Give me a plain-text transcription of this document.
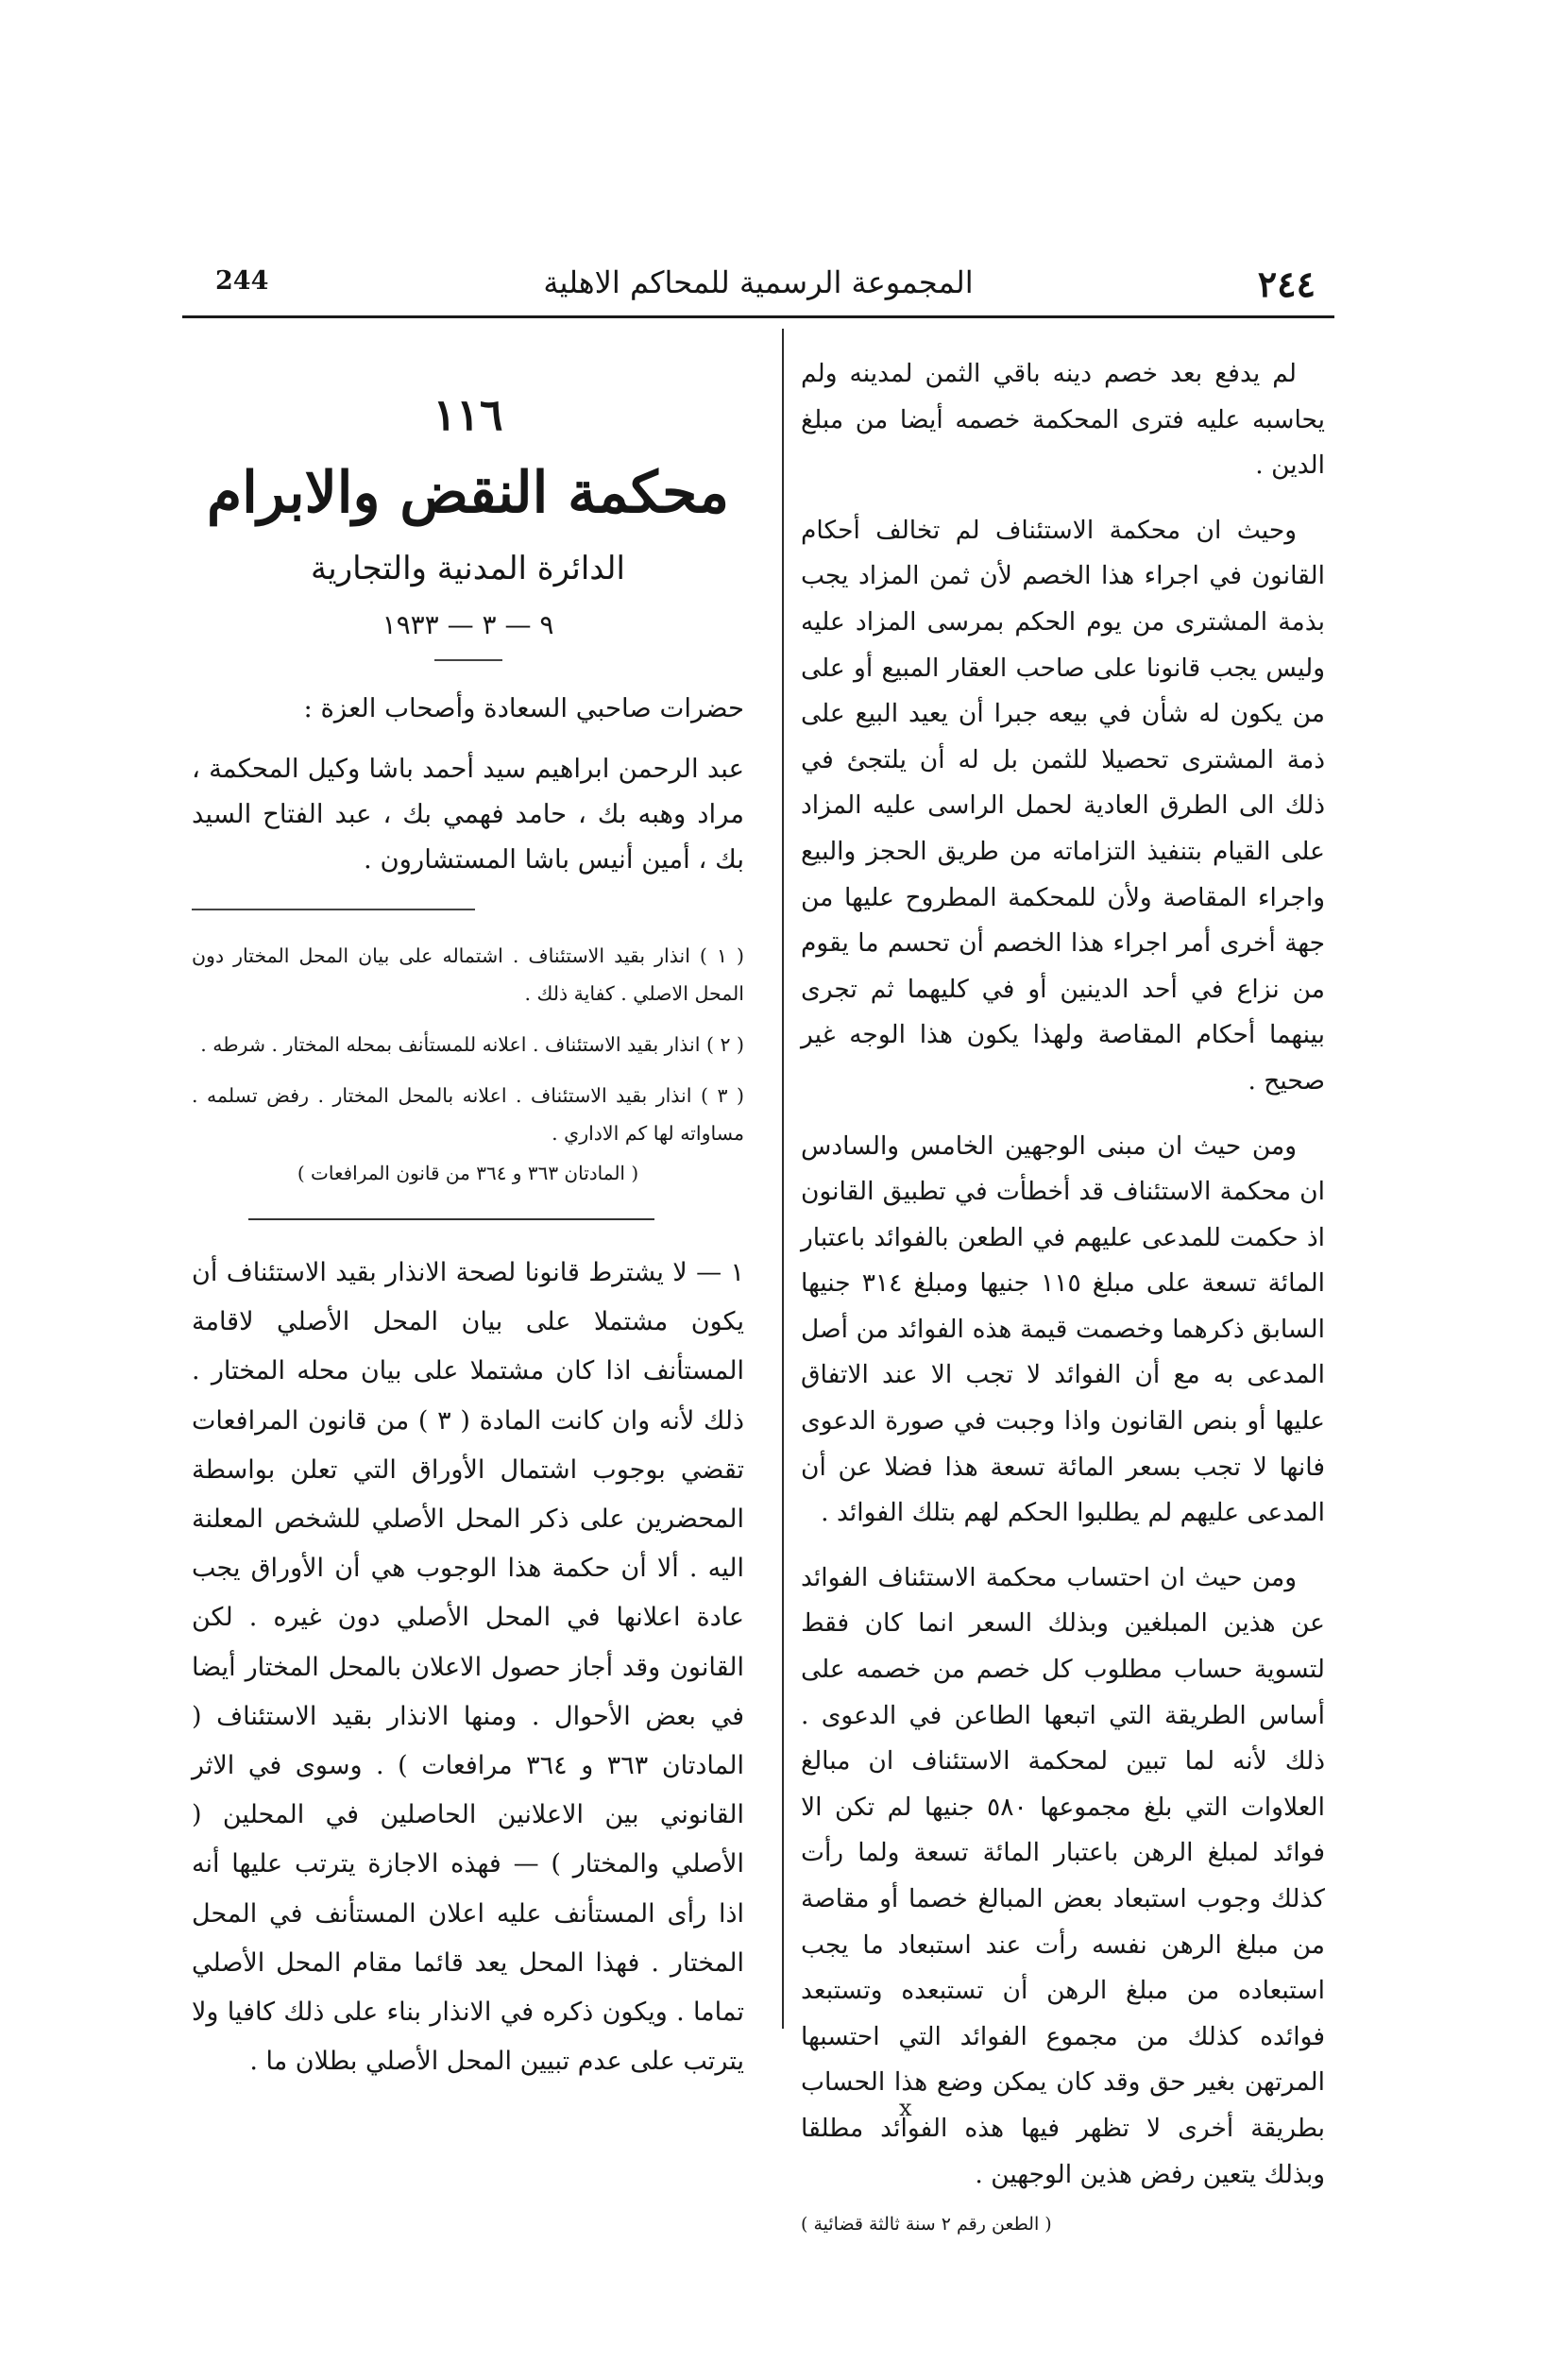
244	المجموعة الرسمية للمحاكم الاهلية	٢٤٤

لم يدفع بعد خصم دينه باقي الثمن لمدينه ولم يحاسبه عليه فترى المحكمة خصمه أيضا من مبلغ الدين .

وحيث ان محكمة الاستئناف لم تخالف أحكام القانون في اجراء هذا الخصم لأن ثمن المزاد يجب بذمة المشترى من يوم الحكم بمرسى المزاد عليه وليس يجب قانونا على صاحب العقار المبيع أو على من يكون له شأن في بيعه جبرا أن يعيد البيع على ذمة المشترى تحصيلا للثمن بل له أن يلتجئ في ذلك الى الطرق العادية لحمل الراسى عليه المزاد على القيام بتنفيذ التزاماته من طريق الحجز والبيع واجراء المقاصة ولأن للمحكمة المطروح عليها من جهة أخرى أمر اجراء هذا الخصم أن تحسم ما يقوم من نزاع في أحد الدينين أو في كليهما ثم تجرى بينهما أحكام المقاصة ولهذا يكون هذا الوجه غير صحيح .

ومن حيث ان مبنى الوجهين الخامس والسادس ان محكمة الاستئناف قد أخطأت في تطبيق القانون اذ حكمت للمدعى عليهم في الطعن بالفوائد باعتبار المائة تسعة على مبلغ ١١٥ جنيها ومبلغ ٣١٤ جنيها السابق ذكرهما وخصمت قيمة هذه الفوائد من أصل المدعى به مع أن الفوائد لا تجب الا عند الاتفاق عليها أو بنص القانون واذا وجبت في صورة الدعوى فانها لا تجب بسعر المائة تسعة هذا فضلا عن أن المدعى عليهم لم يطلبوا الحكم لهم بتلك الفوائد .

ومن حيث ان احتساب محكمة الاستئناف الفوائد عن هذين المبلغين وبذلك السعر انما كان فقط لتسوية حساب مطلوب كل خصم من خصمه على أساس الطريقة التي اتبعها الطاعن في الدعوى . ذلك لأنه لما تبين لمحكمة الاستئناف ان مبالغ العلاوات التي بلغ مجموعها ٥٨٠ جنيها لم تكن الا فوائد لمبلغ الرهن باعتبار المائة تسعة ولما رأت كذلك وجوب استبعاد بعض المبالغ خصما أو مقاصة من مبلغ الرهن نفسه رأت عند استبعاد ما يجب استبعاده من مبلغ الرهن أن تستبعده وتستبعد فوائده كذلك من مجموع الفوائد التي احتسبها المرتهن بغير حق وقد كان يمكن وضع هذا الحساب بطريقة أخرى لا تظهر فيها هذه الفوائد مطلقا وبذلك يتعين رفض هذين الوجهين .

( الطعن رقم ٢ سنة ثالثة قضائية )

x
١١٦
محكمة النقض والابرام
الدائرة المدنية والتجارية
٩ — ٣ — ١٩٣٣

حضرات صاحبي السعادة وأصحاب العزة :

عبد الرحمن ابراهيم سيد أحمد باشا وكيل المحكمة ، مراد وهبه بك ، حامد فهمي بك ، عبد الفتاح السيد بك ، أمين أنيس باشا المستشارون .

( ١ ) انذار بقيد الاستئناف . اشتماله على بيان المحل المختار دون المحل الاصلي . كفاية ذلك .

( ٢ ) انذار بقيد الاستئناف . اعلانه للمستأنف بمحله المختار . شرطه .

( ٣ ) انذار بقيد الاستئناف . اعلانه بالمحل المختار . رفض تسلمه . مساواته لها كم الاداري .

( المادتان ٣٦٣ و ٣٦٤ من قانون المرافعات )

١ — لا يشترط قانونا لصحة الانذار بقيد الاستئناف أن يكون مشتملا على بيان المحل الأصلي لاقامة المستأنف اذا كان مشتملا على بيان محله المختار . ذلك لأنه وان كانت المادة ( ٣ ) من قانون المرافعات تقضي بوجوب اشتمال الأوراق التي تعلن بواسطة المحضرين على ذكر المحل الأصلي للشخص المعلنة اليه . ألا أن حكمة هذا الوجوب هي أن الأوراق يجب عادة اعلانها في المحل الأصلي دون غيره . لكن القانون وقد أجاز حصول الاعلان بالمحل المختار أيضا في بعض الأحوال . ومنها الانذار بقيد الاستئناف ( المادتان ٣٦٣ و ٣٦٤ مرافعات ) . وسوى في الاثر القانوني بين الاعلانين الحاصلين في المحلين ( الأصلي والمختار ) — فهذه الاجازة يترتب عليها أنه اذا رأى المستأنف عليه اعلان المستأنف في المحل المختار . فهذا المحل يعد قائما مقام المحل الأصلي تماما . ويكون ذكره في الانذار بناء على ذلك كافيا ولا يترتب على عدم تبيين المحل الأصلي بطلان ما .
